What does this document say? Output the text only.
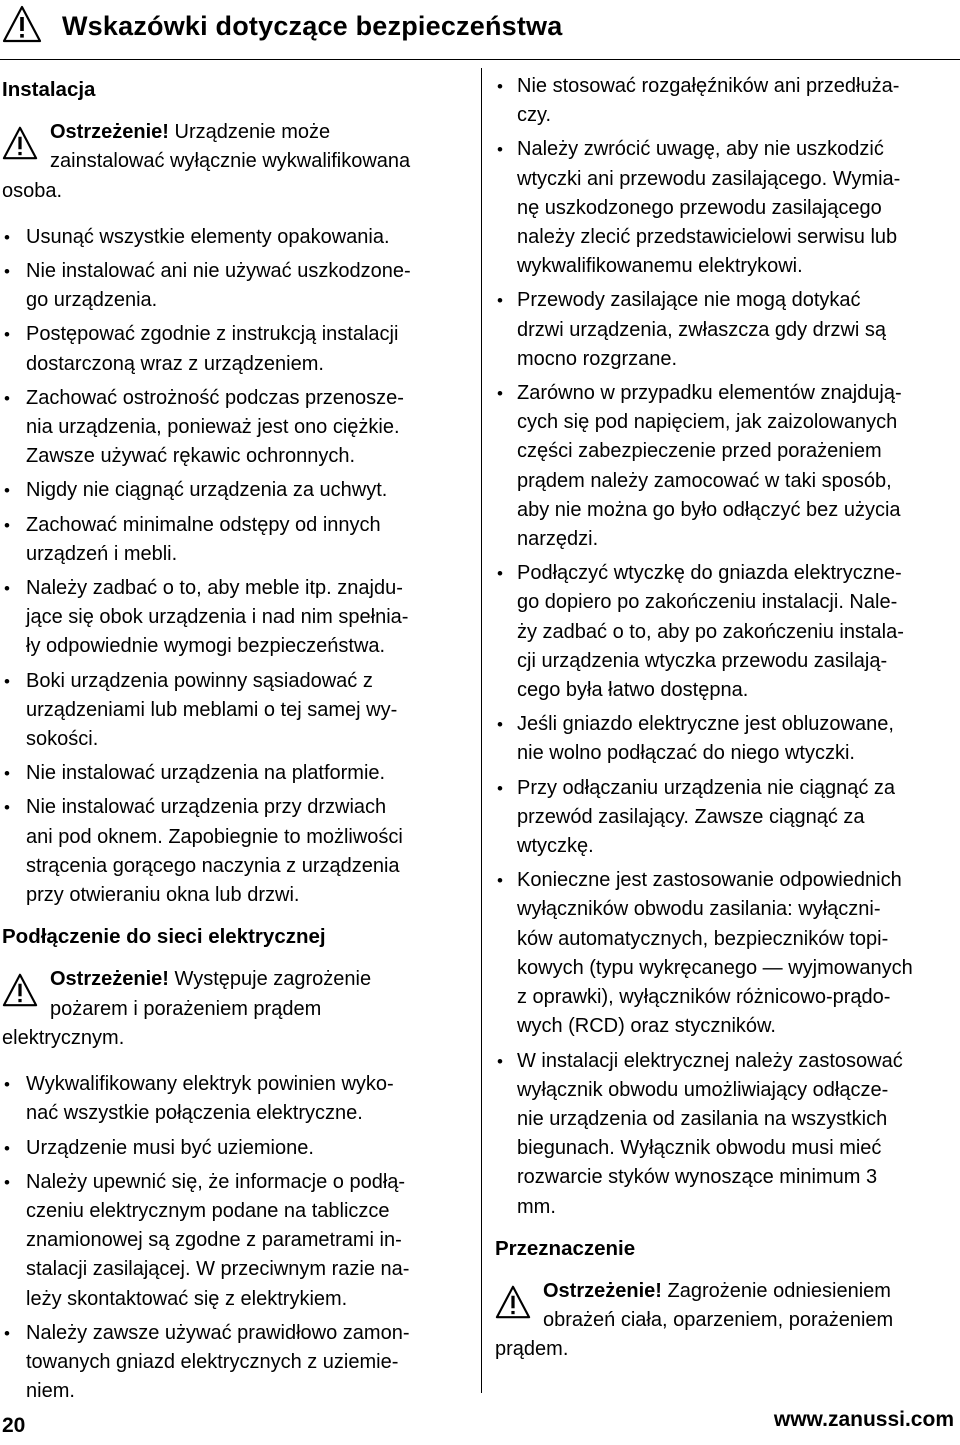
Wskazówki dotyczące bezpieczeństwa
Instalacja
Ostrzeżenie! Urządzenie może
zainstalować wyłącznie wykwalifikowana
osoba.
• Usunąć wszystkie elementy opakowania.
• Nie instalować ani nie używać uszkodzone-
go urządzenia.
• Postępować zgodnie z instrukcją instalacji
dostarczoną wraz z urządzeniem.
• Zachować ostrożność podczas przenosze-
nia urządzenia, ponieważ jest ono ciężkie.
Zawsze używać rękawic ochronnych.
• Nigdy nie ciągnąć urządzenia za uchwyt.
• Zachować minimalne odstępy od innych
urządzeń i mebli.
• Należy zadbać o to, aby meble itp. znajdu-
jące się obok urządzenia i nad nim spełnia-
ły odpowiednie wymogi bezpieczeństwa.
• Boki urządzenia powinny sąsiadować z
urządzeniami lub meblami o tej samej wy-
sokości.
• Nie instalować urządzenia na platformie.
• Nie instalować urządzenia przy drzwiach
ani pod oknem. Zapobiegnie to możliwości
strącenia gorącego naczynia z urządzenia
przy otwieraniu okna lub drzwi.
Podłączenie do sieci elektrycznej
Ostrzeżenie! Występuje zagrożenie
pożarem i porażeniem prądem
elektrycznym.
• Wykwalifikowany elektryk powinien wyko-
nać wszystkie połączenia elektryczne.
• Urządzenie musi być uziemione.
• Należy upewnić się, że informacje o podłą-
czeniu elektrycznym podane na tabliczce
znamionowej są zgodne z parametrami in-
stalacji zasilającej. W przeciwnym razie na-
leży skontaktować się z elektrykiem.
• Należy zawsze używać prawidłowo zamon-
towanych gniazd elektrycznych z uziemie-
niem.
• Nie stosować rozgałęźników ani przedłuża-
czy.
• Należy zwrócić uwagę, aby nie uszkodzić
wtyczki ani przewodu zasilającego. Wymia-
nę uszkodzonego przewodu zasilającego
należy zlecić przedstawicielowi serwisu lub
wykwalifikowanemu elektrykowi.
• Przewody zasilające nie mogą dotykać
drzwi urządzenia, zwłaszcza gdy drzwi są
mocno rozgrzane.
• Zarówno w przypadku elementów znajdują-
cych się pod napięciem, jak zaizolowanych
części zabezpieczenie przed porażeniem
prądem należy zamocować w taki sposób,
aby nie można go było odłączyć bez użycia
narzędzi.
• Podłączyć wtyczkę do gniazda elektryczne-
go dopiero po zakończeniu instalacji. Nale-
ży zadbać o to, aby po zakończeniu instala-
cji urządzenia wtyczka przewodu zasilają-
cego była łatwo dostępna.
• Jeśli gniazdo elektryczne jest obluzowane,
nie wolno podłączać do niego wtyczki.
• Przy odłączaniu urządzenia nie ciągnąć za
przewód zasilający. Zawsze ciągnąć za
wtyczkę.
• Konieczne jest zastosowanie odpowiednich
wyłączników obwodu zasilania: wyłączni-
ków automatycznych, bezpieczników topi-
kowych (typu wykręcanego — wyjmowanych
z oprawki), wyłączników różnicowo-prądo-
wych (RCD) oraz styczników.
• W instalacji elektrycznej należy zastosować
wyłącznik obwodu umożliwiający odłącze-
nie urządzenia od zasilania na wszystkich
biegunach. Wyłącznik obwodu musi mieć
rozwarcie styków wynoszące minimum 3
mm.
Przeznaczenie
Ostrzeżenie! Zagrożenie odniesieniem
obrażeń ciała, oparzeniem, porażeniem
prądem.
20	www.zanussi.com
